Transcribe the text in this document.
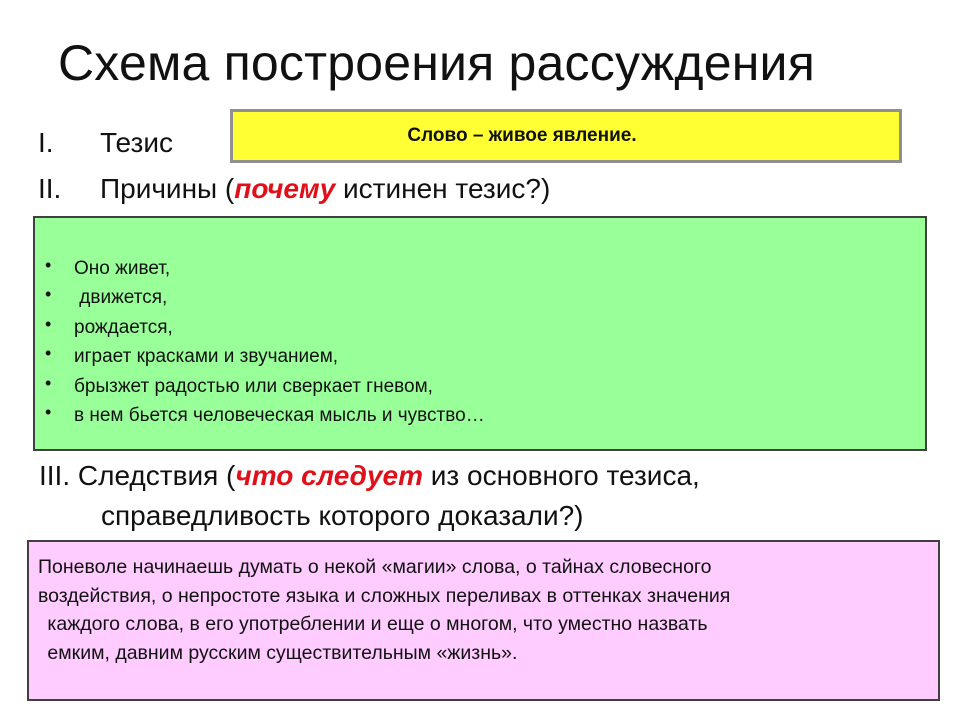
Схема построения рассуждения
I. Тезис	Слово – живое явление.
II. Причины (почему истинен тезис?)
• Оно живет,
• движется,
• рождается,
• играет красками и звучанием,
• брызжет радостью или сверкает гневом,
• в нем бьется человеческая мысль и чувство…
III. Следствия (что следует из основного тезиса,
справедливость которого доказали?)
Поневоле начинаешь думать о некой «магии» слова, о тайнах словесного
воздействия, о непростоте языка и сложных переливах в оттенках значения
каждого слова, в его употреблении и еще о многом, что уместно назвать
емким, давним русским существительным «жизнь».
